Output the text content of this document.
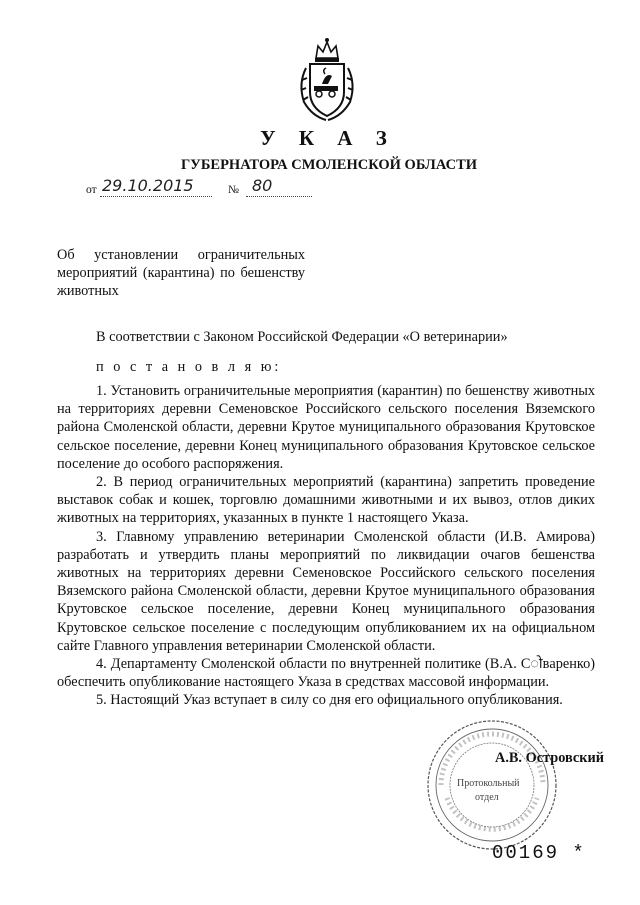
У К А З
ГУБЕРНАТОРА СМОЛЕНСКОЙ ОБЛАСТИ
от 29.10.2015	№ 80
Об установлении ограничительных мероприятий (карантина) по бешенству животных
В соответствии с Законом Российской Федерации «О ветеринарии»
п о с т а н о в л я ю:

1. Установить ограничительные мероприятия (карантин) по бешенству животных на территориях деревни Семеновское Российского сельского поселения Вяземского района Смоленской области, деревни Крутое муниципального образования Крутовское сельское поселение, деревни Конец муниципального образования Крутовское сельское поселение до особого распоряжения.

2. В период ограничительных мероприятий (карантина) запретить проведение выставок собак и кошек, торговлю домашними животными и их вывоз, отлов диких животных на территориях, указанных в пункте 1 настоящего Указа.

3. Главному управлению ветеринарии Смоленской области (И.В. Амирова) разработать и утвердить планы мероприятий по ликвидации очагов бешенства животных на территориях деревни Семеновское Российского сельского поселения Вяземского района Смоленской области, деревни Крутое муниципального образования Крутовское сельское поселение, деревни Конец муниципального образования Крутовское сельское поселение с последующим опубликованием их на официальном сайте Главного управления ветеринарии Смоленской области.

4. Департаменту Смоленской области по внутренней политике (В.А. Сोвaренко) обеспечить опубликование настоящего Указа в средствах массовой информации.

5. Настоящий Указ вступает в силу со дня его официального опубликования.

Протокольный
отдел
А.В. Островский
00169 *
